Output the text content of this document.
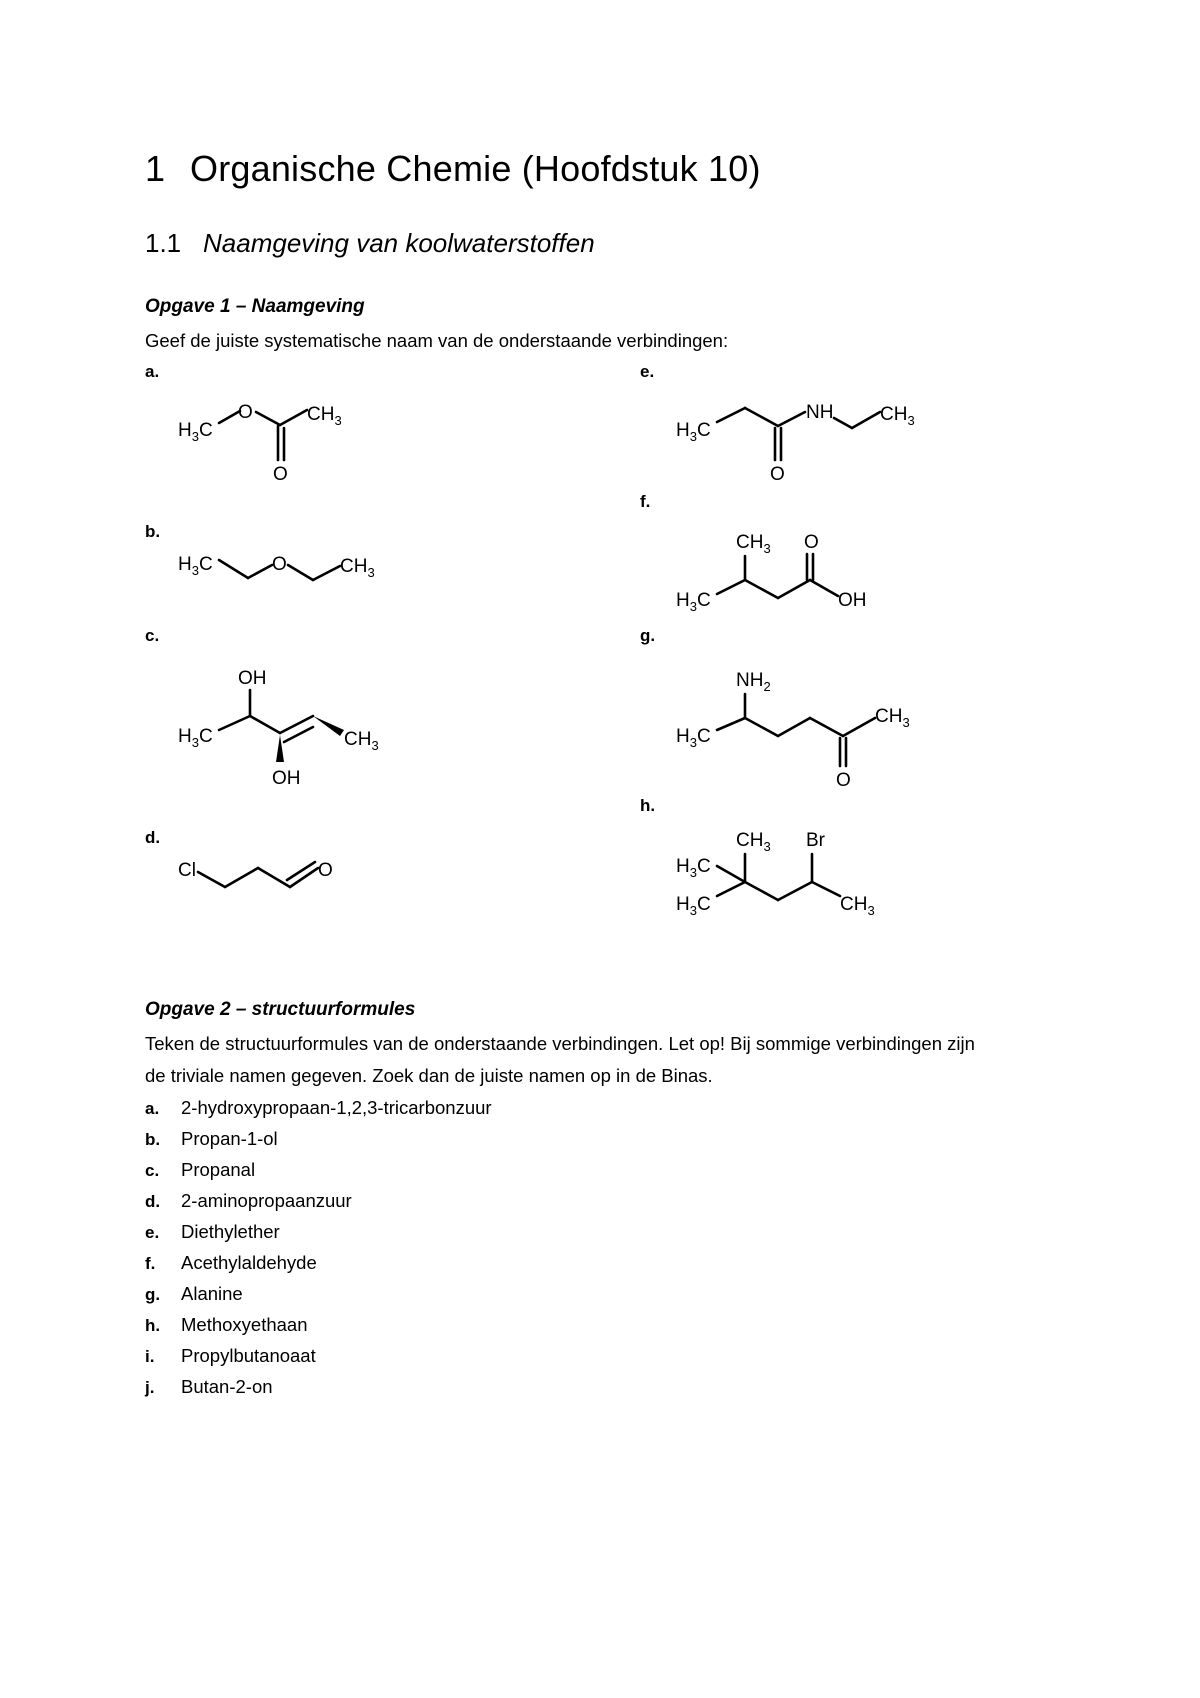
1 Organische Chemie (Hoofdstuk 10)
1.1 Naamgeving van koolwaterstoffen
Opgave 1 – Naamgeving
Geef de juiste systematische naam van de onderstaande verbindingen:
a.
b.
c.
d.
e.
f.
g.
h.
$H_3C$
O	$CH_3$
O
$H_3C$	O	$CH_3$
OH
$H_3C$	$CH_3$
OH
Cl	O
$H_3C$
NH $CH_3$
O
$CH_3$ O
$H_3C$	OH
$NH_2$
$H_3C$
$CH_3$
O
$CH_3$ Br
$H_3C$
$H_3C$	$CH_3$
Opgave 2 – structuurformules
Teken de structuurformules van de onderstaande verbindingen. Let op! Bij sommige verbindingen zijn
de triviale namen gegeven. Zoek dan de juiste namen op in de Binas.
a. 2-hydroxypropaan-1,2,3-tricarbonzuur
b. Propan-1-ol
c. Propanal
d. 2-aminopropaanzuur
e. Diethylether
f. Acethylaldehyde
g. Alanine
h. Methoxyethaan
i. Propylbutanoaat
j. Butan-2-on
